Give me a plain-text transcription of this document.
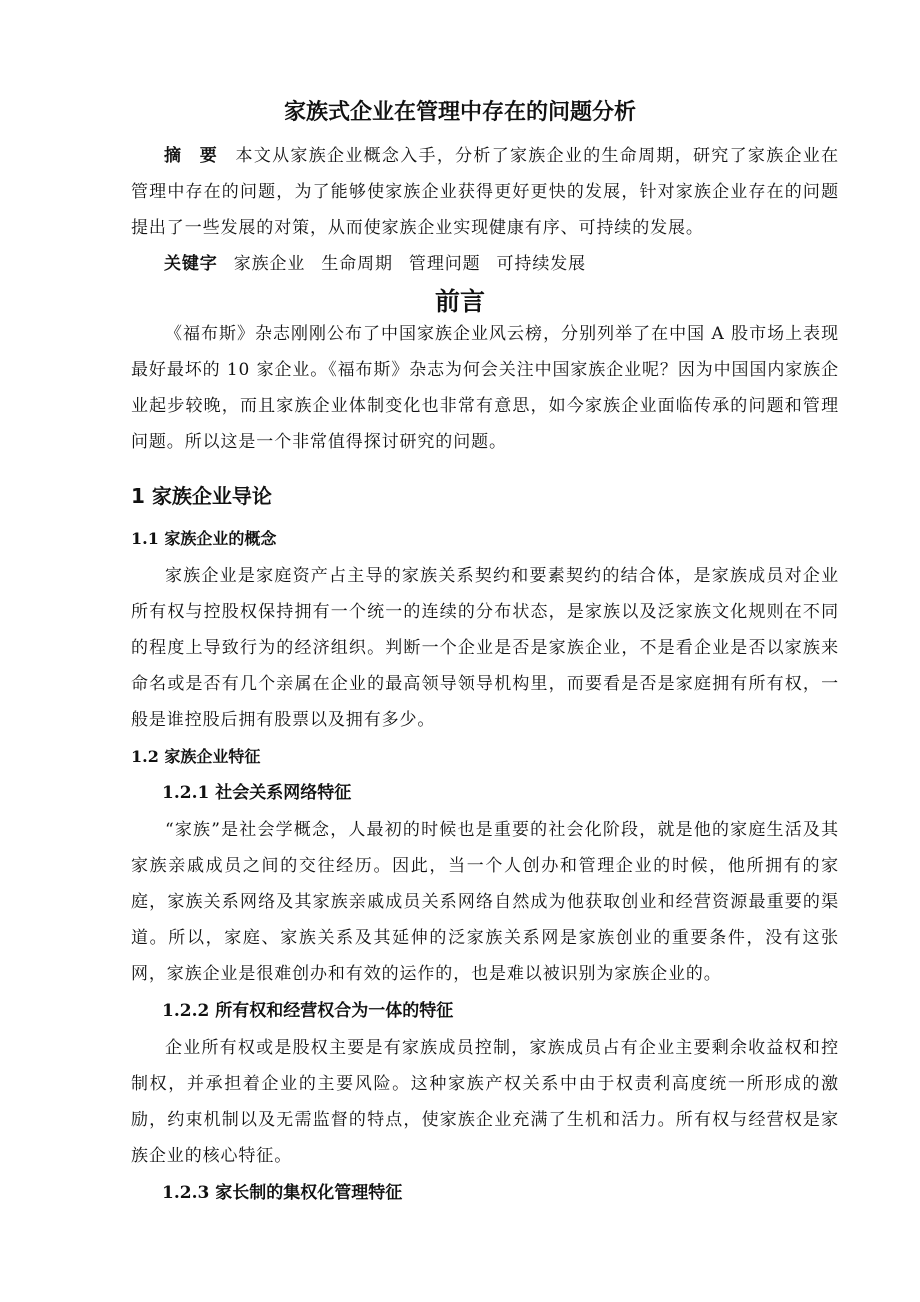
家族式企业在管理中存在的问题分析

摘 要 本文从家族企业概念入手，分析了家族企业的生命周期，研究了家族企业在管理中存在的问题，为了能够使家族企业获得更好更快的发展，针对家族企业存在的问题提出了一些发展的对策，从而使家族企业实现健康有序、可持续的发展。

关键字 家族企业 生命周期 管理问题 可持续发展

前言

《福布斯》杂志刚刚公布了中国家族企业风云榜，分别列举了在中国 A 股市场上表现最好最坏的 10 家企业。《福布斯》杂志为何会关注中国家族企业呢？因为中国国内家族企业起步较晚，而且家族企业体制变化也非常有意思，如今家族企业面临传承的问题和管理问题。所以这是一个非常值得探讨研究的问题。

1 家族企业导论
1.1 家族企业的概念

家族企业是家庭资产占主导的家族关系契约和要素契约的结合体，是家族成员对企业所有权与控股权保持拥有一个统一的连续的分布状态，是家族以及泛家族文化规则在不同的程度上导致行为的经济组织。判断一个企业是否是家族企业，不是看企业是否以家族来命名或是否有几个亲属在企业的最高领导领导机构里，而要看是否是家庭拥有所有权，一般是谁控股后拥有股票以及拥有多少。

1.2 家族企业特征
1.2.1 社会关系网络特征

“家族”是社会学概念，人最初的时候也是重要的社会化阶段，就是他的家庭生活及其家族亲戚成员之间的交往经历。因此，当一个人创办和管理企业的时候，他所拥有的家庭，家族关系网络及其家族亲戚成员关系网络自然成为他获取创业和经营资源最重要的渠道。所以，家庭、家族关系及其延伸的泛家族关系网是家族创业的重要条件，没有这张网，家族企业是很难创办和有效的运作的，也是难以被识别为家族企业的。

1.2.2 所有权和经营权合为一体的特征

企业所有权或是股权主要是有家族成员控制，家族成员占有企业主要剩余收益权和控制权，并承担着企业的主要风险。这种家族产权关系中由于权责利高度统一所形成的激励，约束机制以及无需监督的特点，使家族企业充满了生机和活力。所有权与经营权是家族企业的核心特征。

1.2.3 家长制的集权化管理特征
